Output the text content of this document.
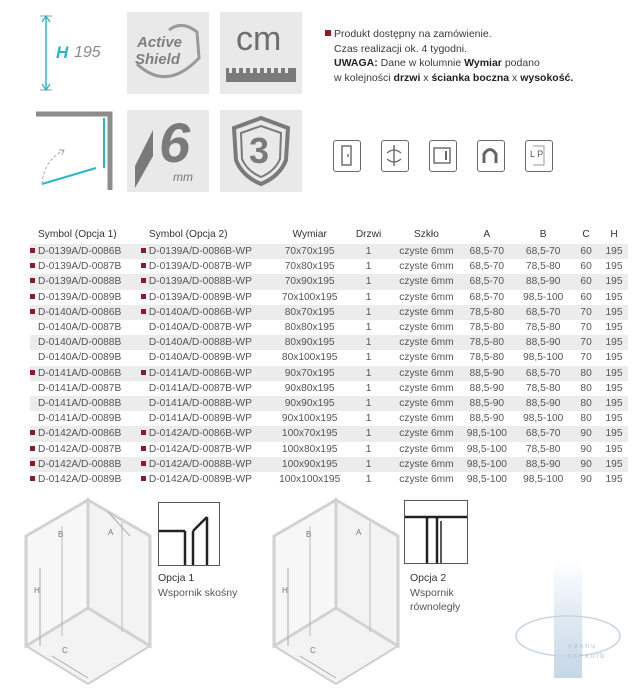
H 195
Active
Shield
cm	Produkt dostępny na zamówienie.
Czas realizacji ok. 4 tygodni.
UWAGA: Dane w kolumnie Wymiar podano
w kolejności drzwi x ścianka boczna x wysokość.
6
mm
3	L P
Symbol (Opcja 1)	Symbol (Opcja 2)	Wymiar	Drzwi	Szkło	A	B	C	H
D-0139A/D-0086B	D-0139A/D-0086B-WP	70x70x195	1	czyste 6mm	68,5-70	68,5-70	60	195
D-0139A/D-0087B	D-0139A/D-0087B-WP	70x80x195	1	czyste 6mm	68,5-70	78,5-80	60	195
D-0139A/D-0088B	D-0139A/D-0088B-WP	70x90x195	1	czyste 6mm	68,5-70	88,5-90	60	195
D-0139A/D-0089B	D-0139A/D-0089B-WP	70x100x195	1	czyste 6mm	68,5-70	98,5-100	60	195
D-0140A/D-0086B	D-0140A/D-0086B-WP	80x70x195	1	czyste 6mm	78,5-80	68,5-70	70	195
D-0140A/D-0087B	D-0140A/D-0087B-WP	80x80x195	1	czyste 6mm	78,5-80	78,5-80	70	195
D-0140A/D-0088B	D-0140A/D-0088B-WP	80x90x195	1	czyste 6mm	78,5-80	88,5-90	70	195
D-0140A/D-0089B	D-0140A/D-0089B-WP	80x100x195	1	czyste 6mm	78,5-80	98,5-100	70	195
D-0141A/D-0086B	D-0141A/D-0086B-WP	90x70x195	1	czyste 6mm	88,5-90	68,5-70	80	195
D-0141A/D-0087B	D-0141A/D-0087B-WP	90x80x195	1	czyste 6mm	88,5-90	78,5-80	80	195
D-0141A/D-0088B	D-0141A/D-0088B-WP	90x90x195	1	czyste 6mm	88,5-90	88,5-90	80	195
D-0141A/D-0089B	D-0141A/D-0089B-WP	90x100x195	1	czyste 6mm	88,5-90	98,5-100	80	195
D-0142A/D-0086B	D-0142A/D-0086B-WP	100x70x195	1	czyste 6mm	98,5-100	68,5-70	90	195
D-0142A/D-0087B	D-0142A/D-0087B-WP	100x80x195	1	czyste 6mm	98,5-100	78,5-80	90	195
D-0142A/D-0088B	D-0142A/D-0088B-WP	100x90x195	1	czyste 6mm	98,5-100	88,5-90	90	195
D-0142A/D-0089B	D-0142A/D-0089B-WP	100x100x195	1	czyste 6mm	98,5-100	98,5-100	90	195
B	A
H
C
Opcja 1
Wspornik skośny
B	A
H
C
Opcja 2
Wspornik
równoległy
vannu sseaulb
